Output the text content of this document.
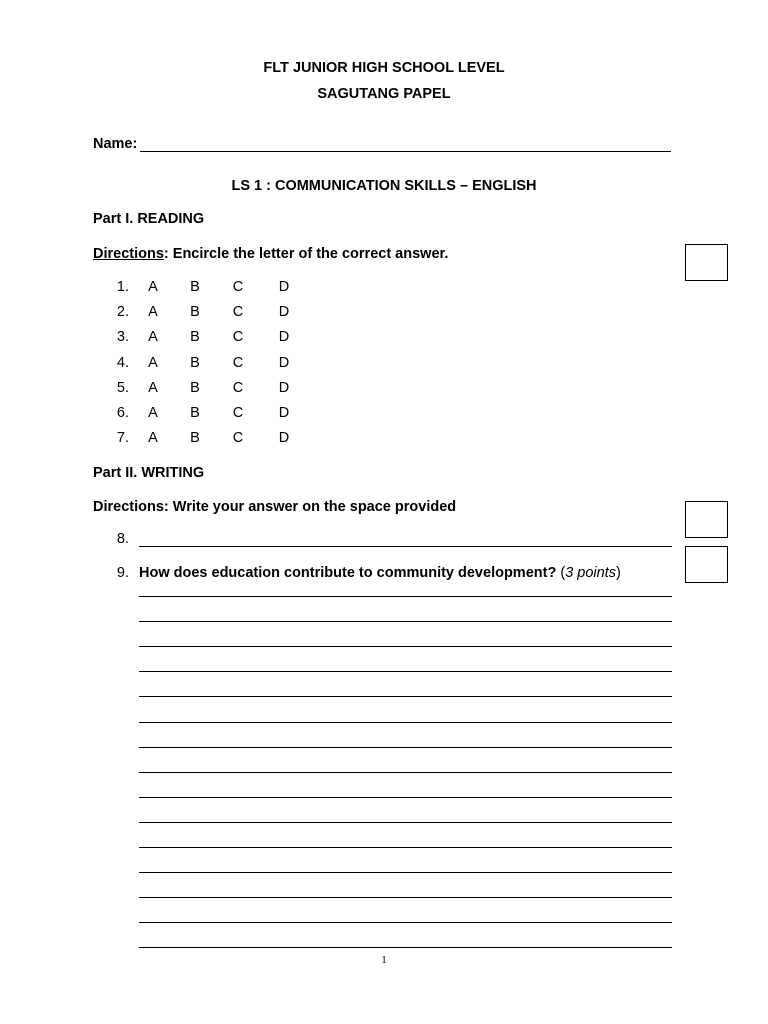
FLT JUNIOR HIGH SCHOOL LEVEL
SAGUTANG PAPEL
Name:
LS 1 : COMMUNICATION SKILLS – ENGLISH
Part I. READING
Directions: Encircle the letter of the correct answer.
1. A B C D
2. A B C D
3. A B C D
4. A B C D
5. A B C D
6. A B C D
7. A B C D
Part II. WRITING
Directions: Write your answer on the space provided
8.
9. How does education contribute to community development? (3 points)
1
